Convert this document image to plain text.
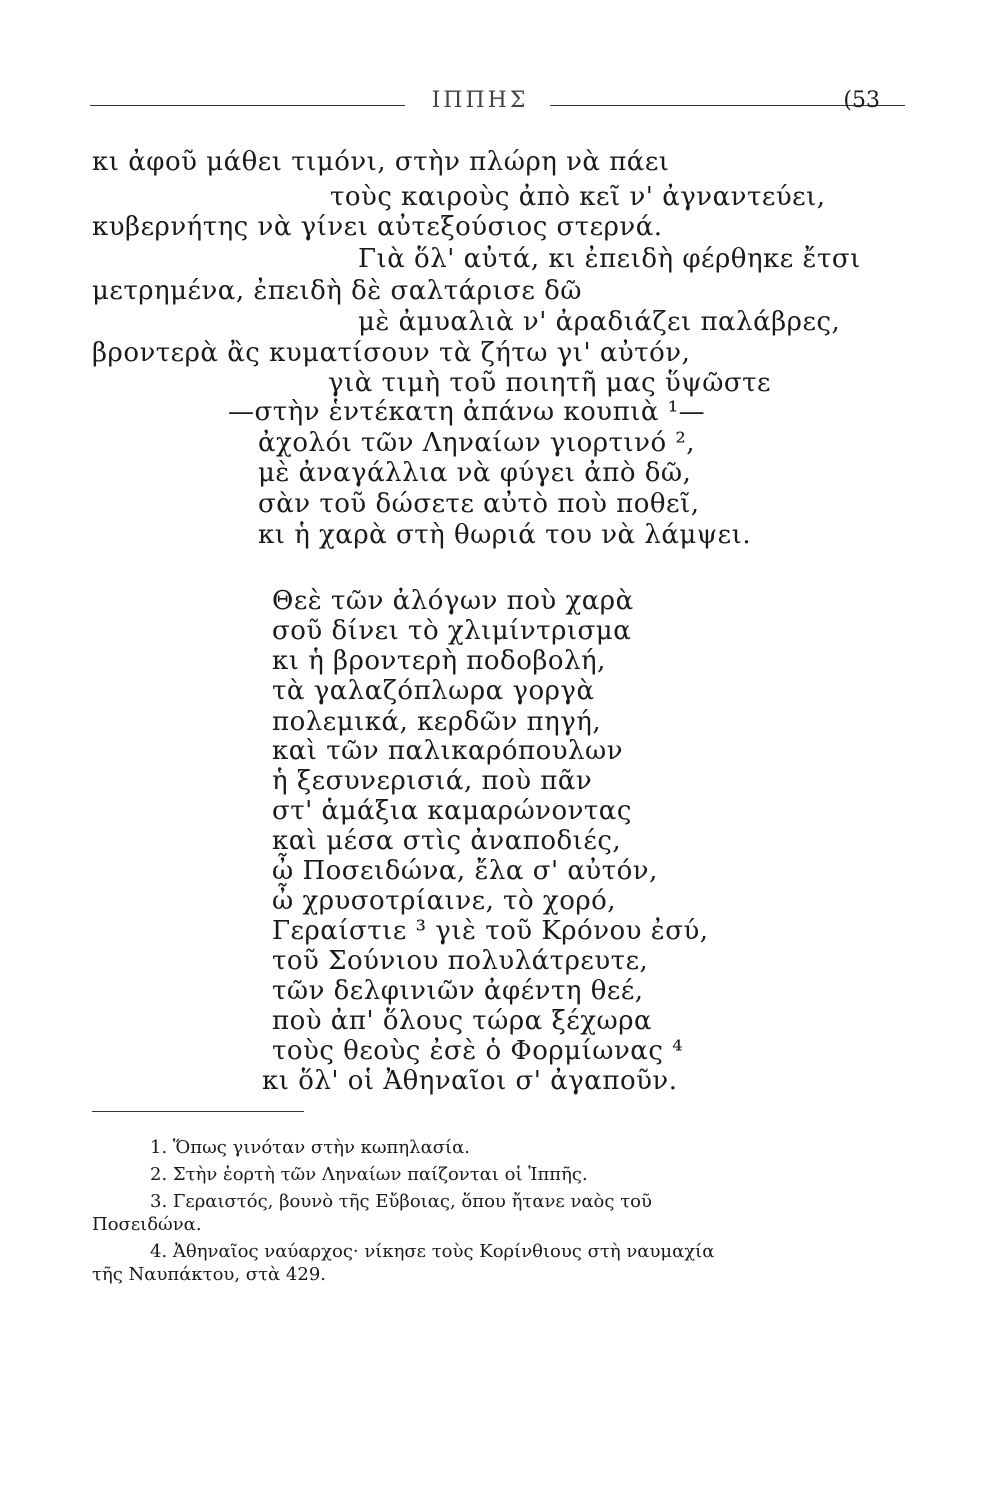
ΙΠΠΗΣ	(53
κι ἀφοῦ μάθει τιμόνι, στὴν πλώρη νὰ πάει
τοὺς καιροὺς ἀπὸ κεῖ ν' ἀγναντεύει,
κυβερνήτης νὰ γίνει αὐτεξούσιος στερνά.
Γιὰ ὅλ' αὐτά, κι ἐπειδὴ φέρθηκε ἔτσι
μετρημένα, ἐπειδὴ δὲ σαλτάρισε δῶ
μὲ ἀμυαλιὰ ν' ἀραδιάζει παλάβρες,
βροντερὰ ἂς κυματίσουν τὰ ζήτω γι' αὐτόν,
γιὰ τιμὴ τοῦ ποιητῆ μας ὕψῶστε
—στὴν ἑντέκατη ἀπάνω κουπιὰ ¹—
ἀχολόι τῶν Ληναίων γιορτινό ²,
μὲ ἀναγάλλια νὰ φύγει ἀπὸ δῶ,
σὰν τοῦ δώσετε αὐτὸ ποὺ ποθεῖ,
κι ἡ χαρὰ στὴ θωριά του νὰ λάμψει.
Θεὲ τῶν ἀλόγων ποὺ χαρὰ
σοῦ δίνει τὸ χλιμίντρισμα
κι ἡ βροντερὴ ποδοβολή,
τὰ γαλαζόπλωρα γοργὰ
πολεμικά, κερδῶν πηγή,
καὶ τῶν παλικαρόπουλων
ἡ ξεσυνερισιά, ποὺ πᾶν
στ' ἁμάξια καμαρώνοντας
καὶ μέσα στὶς ἀναποδιές,
ὦ Ποσειδώνα, ἔλα σ' αὐτόν,
ὦ χρυσοτρίαινε, τὸ χορό,
Γεραίστιε ³ γιὲ τοῦ Κρόνου ἐσύ,
τοῦ Σούνιου πολυλάτρευτε,
τῶν δελφινιῶν ἀφέντη θεέ,
ποὺ ἀπ' ὅλους τώρα ξέχωρα
τοὺς θεοὺς ἐσὲ ὁ Φορμίωνας ⁴
κι ὅλ' οἱ Ἀθηναῖοι σ' ἀγαποῦν.
1. Ὅπως γινόταν στὴν κωπηλασία.
2. Στὴν ἑορτὴ τῶν Ληναίων παίζονται οἱ Ἱππῆς.
3. Γεραιστός, βουνὸ τῆς Εὔβοιας, ὅπου ἤτανε ναὸς τοῦ
Ποσειδώνα.
4. Ἀθηναῖος ναύαρχος· νίκησε τοὺς Κορίνθιους στὴ ναυμαχία
τῆς Ναυπάκτου, στὰ 429.
